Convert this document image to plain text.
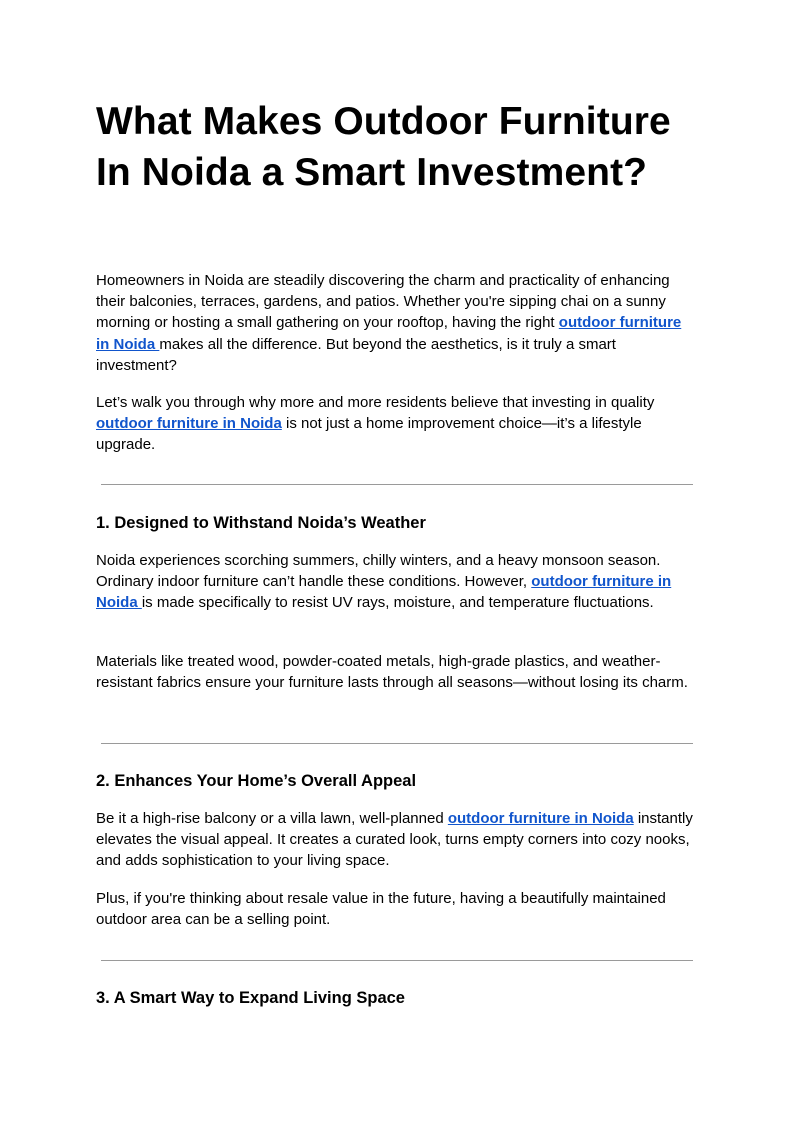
What Makes Outdoor Furniture In Noida a Smart Investment?

Homeowners in Noida are steadily discovering the charm and practicality of enhancing their balconies, terraces, gardens, and patios. Whether you're sipping chai on a sunny morning or hosting a small gathering on your rooftop, having the right outdoor furniture in Noida makes all the difference. But beyond the aesthetics, is it truly a smart investment?

Let’s walk you through why more and more residents believe that investing in quality outdoor furniture in Noida is not just a home improvement choice—it’s a lifestyle upgrade.

1. Designed to Withstand Noida’s Weather

Noida experiences scorching summers, chilly winters, and a heavy monsoon season. Ordinary indoor furniture can’t handle these conditions. However, outdoor furniture in Noida is made specifically to resist UV rays, moisture, and temperature fluctuations.

Materials like treated wood, powder-coated metals, high-grade plastics, and weather-resistant fabrics ensure your furniture lasts through all seasons—without losing its charm.

2. Enhances Your Home’s Overall Appeal

Be it a high-rise balcony or a villa lawn, well-planned outdoor furniture in Noida instantly elevates the visual appeal. It creates a curated look, turns empty corners into cozy nooks, and adds sophistication to your living space.

Plus, if you're thinking about resale value in the future, having a beautifully maintained outdoor area can be a selling point.

3. A Smart Way to Expand Living Space
